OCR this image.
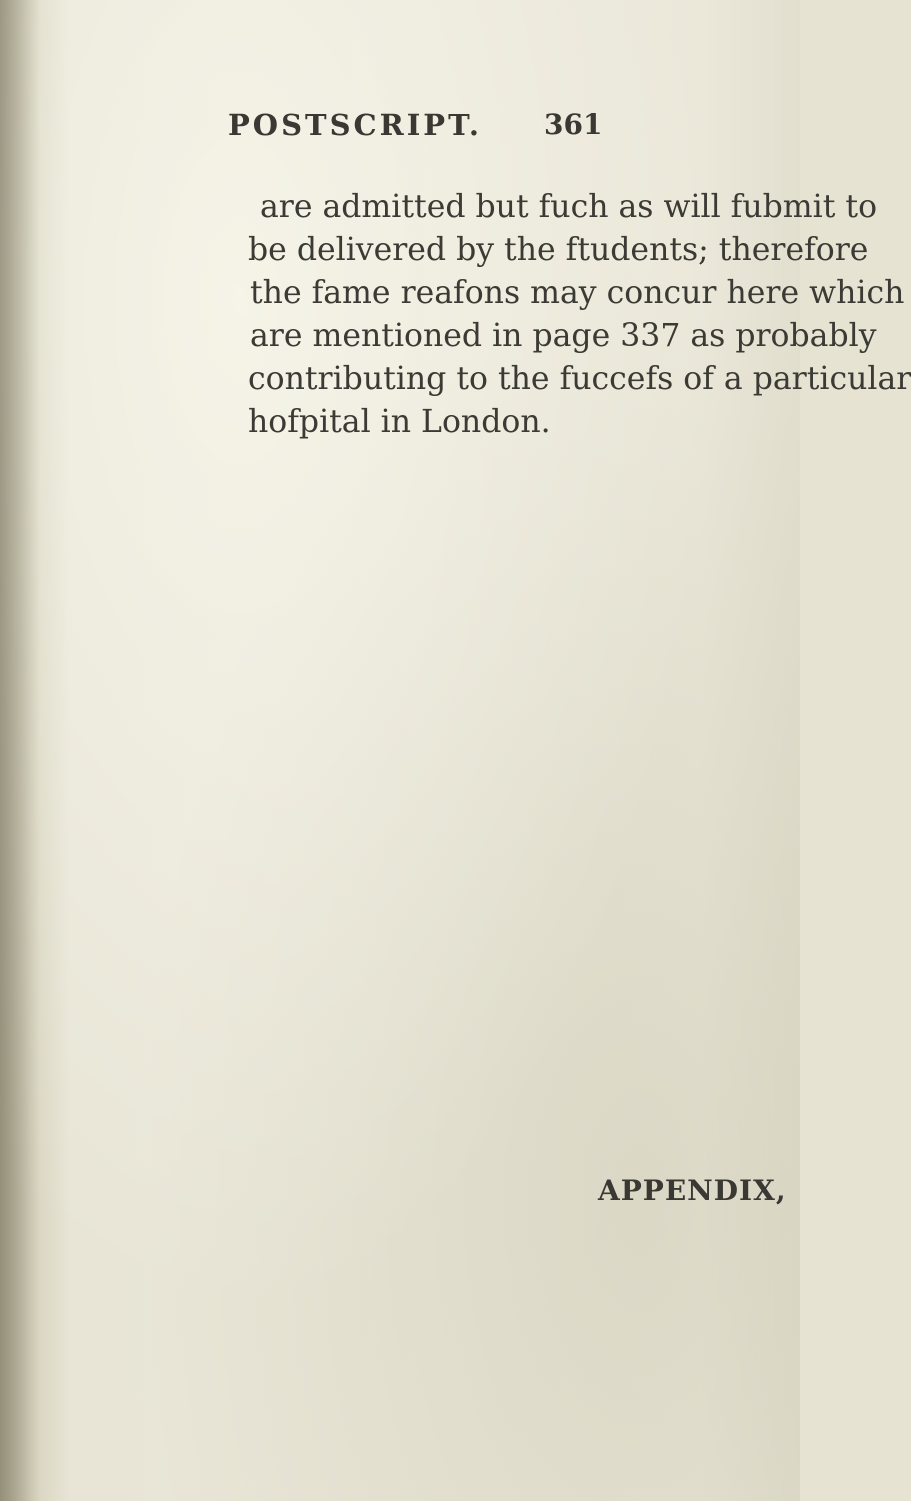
POSTSCRIPT. 361
are admitted but fuch as will fubmit to
be delivered by the ftudents; therefore
the fame reafons may concur here which
are mentioned in page 337 as probably
contributing to the fuccefs of a particular
hofpital in London.
APPENDIX,
